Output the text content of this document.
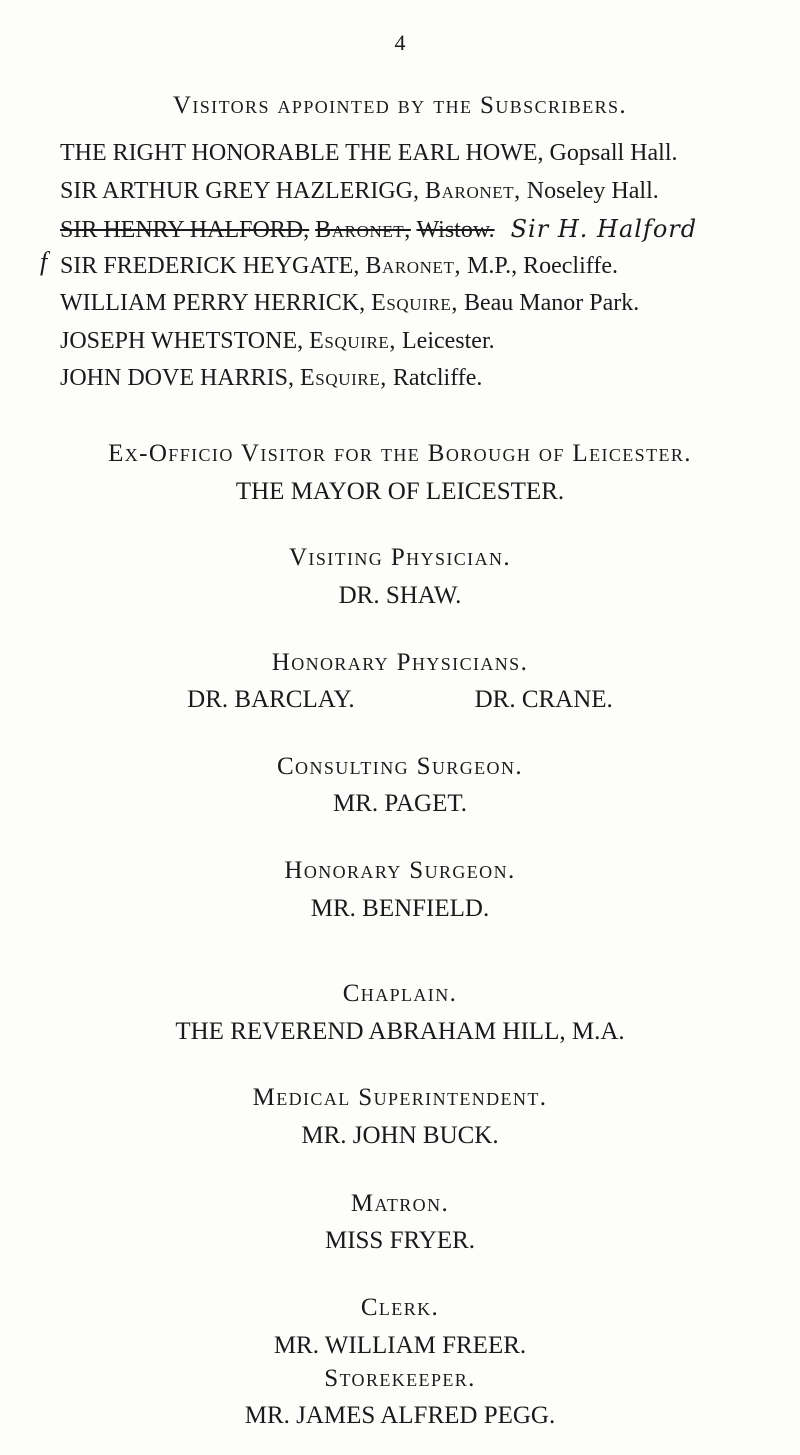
4
Visitors appointed by the Subscribers.
THE RIGHT HONORABLE THE EARL HOWE, Gopsall Hall.
SIR ARTHUR GREY HAZLERIGG, Baronet, Noseley Hall.
f
SIR HENRY HALFORD, Baronet, Wistow. Sir H. Halford
SIR FREDERICK HEYGATE, Baronet, M.P., Roecliffe.
WILLIAM PERRY HERRICK, Esquire, Beau Manor Park.
JOSEPH WHETSTONE, Esquire, Leicester.
JOHN DOVE HARRIS, Esquire, Ratcliffe.
Ex-Officio Visitor for the Borough of Leicester.
THE MAYOR OF LEICESTER.
Visiting Physician.
DR. SHAW.
Honorary Physicians.
DR. BARCLAY.	DR. CRANE.
Consulting Surgeon.
MR. PAGET.
Honorary Surgeon.
MR. BENFIELD.
Chaplain.
THE REVEREND ABRAHAM HILL, M.A.
Medical Superintendent.
MR. JOHN BUCK.
Matron.
MISS FRYER.
Clerk.
MR. WILLIAM FREER.
Storekeeper.
MR. JAMES ALFRED PEGG.
